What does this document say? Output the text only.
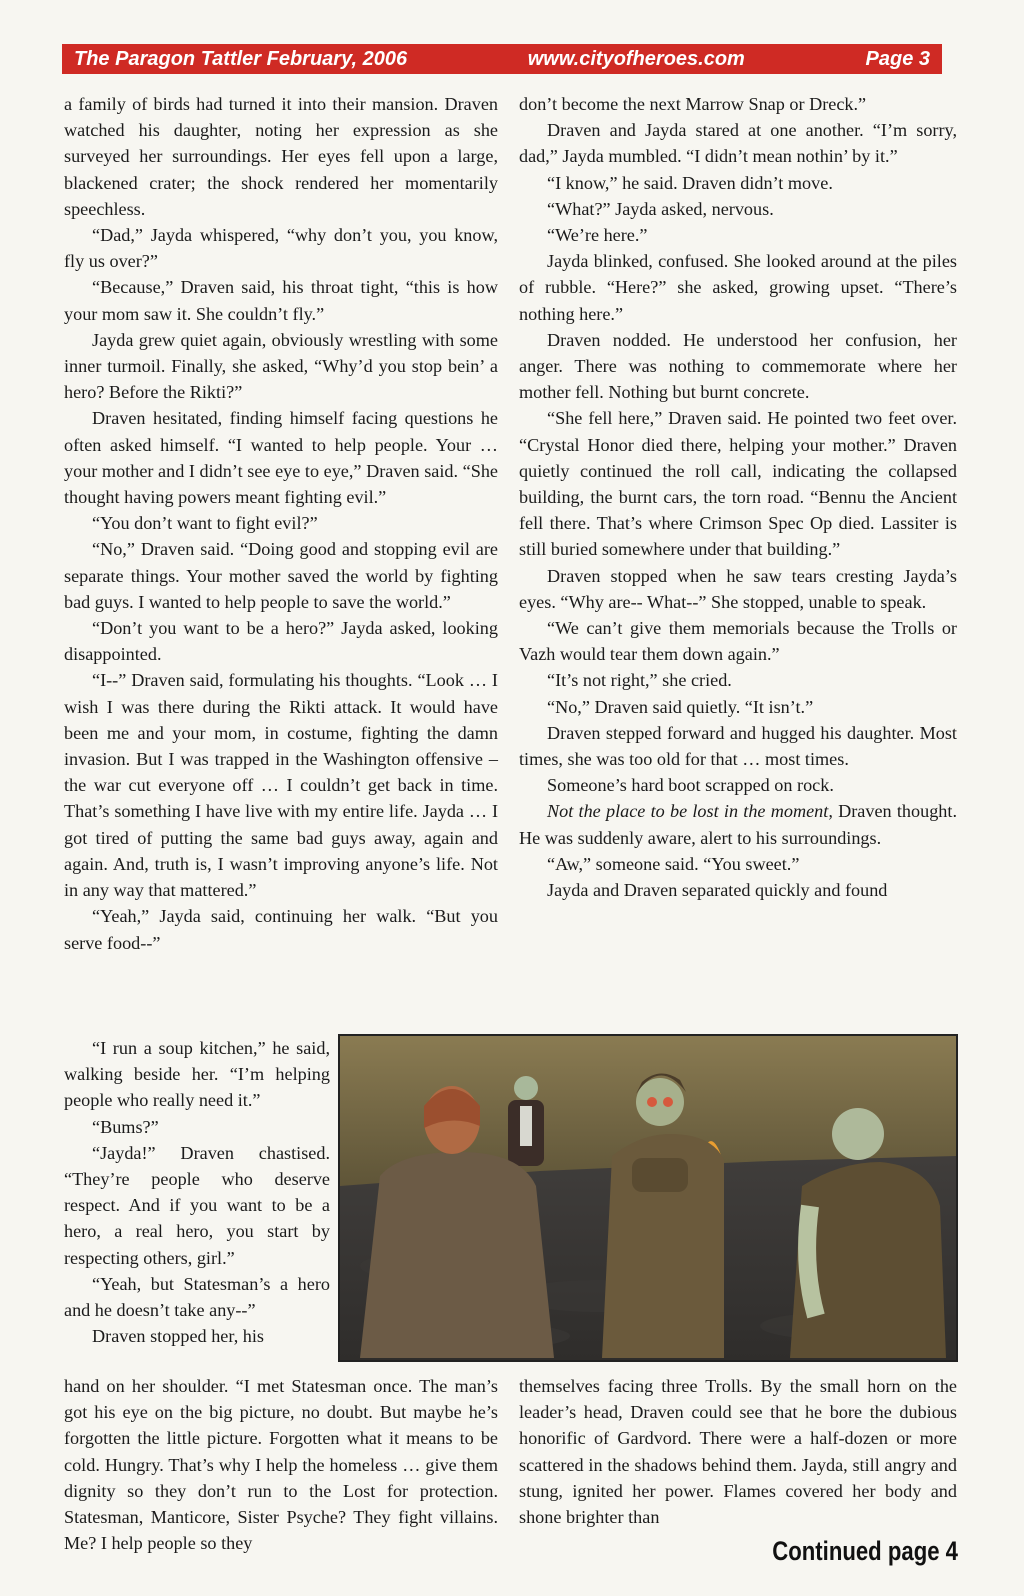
The Paragon Tattler February, 2006	www.cityofheroes.com	Page 3

a family of birds had turned it into their mansion. Draven watched his daughter, noting her expression as she surveyed her surroundings. Her eyes fell upon a large, blackened crater; the shock rendered her momentarily speechless.

“Dad,” Jayda whispered, “why don’t you, you know, fly us over?”

“Because,” Draven said, his throat tight, “this is how your mom saw it. She couldn’t fly.”

Jayda grew quiet again, obviously wrestling with some inner turmoil. Finally, she asked, “Why’d you stop bein’ a hero? Before the Rikti?”

Draven hesitated, finding himself facing questions he often asked himself. “I wanted to help people. Your … your mother and I didn’t see eye to eye,” Draven said. “She thought having powers meant fighting evil.”

“You don’t want to fight evil?”

“No,” Draven said. “Doing good and stopping evil are separate things. Your mother saved the world by fighting bad guys. I wanted to help people to save the world.”

“Don’t you want to be a hero?” Jayda asked, looking disappointed.

“I--” Draven said, formulating his thoughts. “Look … I wish I was there during the Rikti attack. It would have been me and your mom, in costume, fighting the damn invasion. But I was trapped in the Washington offensive – the war cut everyone off … I couldn’t get back in time. That’s something I have live with my entire life. Jayda … I got tired of putting the same bad guys away, again and again. And, truth is, I wasn’t improving anyone’s life. Not in any way that mattered.”

“Yeah,” Jayda said, continuing her walk. “But you serve food--”

“I run a soup kitchen,” he said, walking beside her. “I’m helping people who really need it.”

“Bums?”

“Jayda!” Draven chastised. “They’re people who deserve respect. And if you want to be a hero, a real hero, you start by respecting others, girl.”

“Yeah, but Statesman’s a hero and he doesn’t take any--”

Draven stopped her, his

hand on her shoulder. “I met Statesman once. The man’s got his eye on the big picture, no doubt. But maybe he’s forgotten the little picture. Forgotten what it means to be cold. Hungry. That’s why I help the homeless … give them dignity so they don’t run to the Lost for protection. Statesman, Manticore, Sister Psyche? They fight villains. Me? I help people so they

don’t become the next Marrow Snap or Dreck.”

Draven and Jayda stared at one another. “I’m sorry, dad,” Jayda mumbled. “I didn’t mean nothin’ by it.”

“I know,” he said. Draven didn’t move.

“What?” Jayda asked, nervous.

“We’re here.”

Jayda blinked, confused. She looked around at the piles of rubble. “Here?” she asked, growing upset. “There’s nothing here.”

Draven nodded. He understood her confusion, her anger. There was nothing to commemorate where her mother fell. Nothing but burnt concrete.

“She fell here,” Draven said. He pointed two feet over. “Crystal Honor died there, helping your mother.” Draven quietly continued the roll call, indicating the collapsed building, the burnt cars, the torn road. “Bennu the Ancient fell there. That’s where Crimson Spec Op died. Lassiter is still buried somewhere under that building.”

Draven stopped when he saw tears cresting Jayda’s eyes. “Why are-- What--” She stopped, unable to speak.

“We can’t give them memorials because the Trolls or Vazh would tear them down again.”

“It’s not right,” she cried.

“No,” Draven said quietly. “It isn’t.”

Draven stepped forward and hugged his daughter. Most times, she was too old for that … most times.

Someone’s hard boot scrapped on rock.

Not the place to be lost in the moment, Draven thought. He was suddenly aware, alert to his surroundings.

“Aw,” someone said. “You sweet.”

Jayda and Draven separated quickly and found

themselves facing three Trolls. By the small horn on the leader’s head, Draven could see that he bore the dubious honorific of Gardvord. There were a half-dozen or more scattered in the shadows behind them. Jayda, still angry and stung, ignited her power. Flames covered her body and shone brighter than

Continued page 4
